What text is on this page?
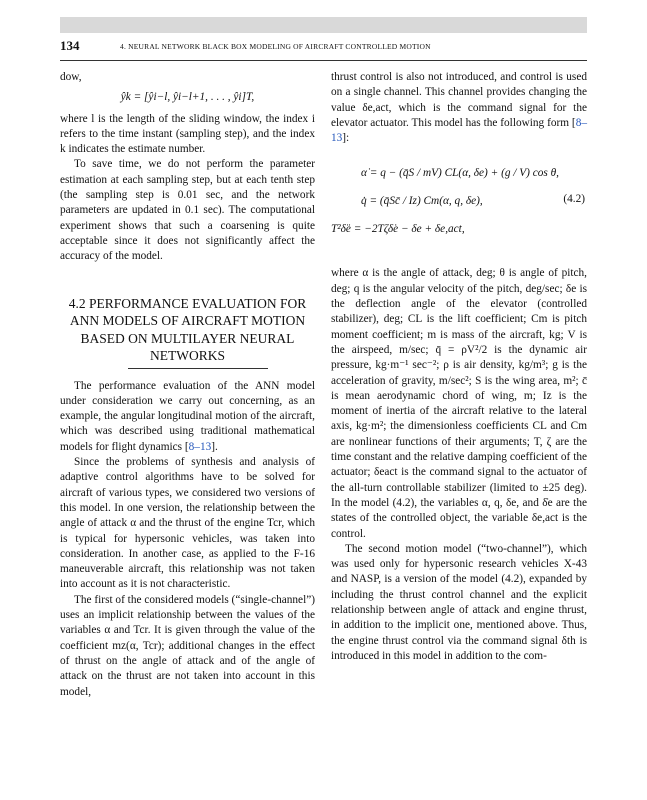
134	4. NEURAL NETWORK BLACK BOX MODELING OF AIRCRAFT CONTROLLED MOTION

dow,

ŷk = [ŷi−l, ŷi−l+1, . . . , ŷi]T,

where l is the length of the sliding window, the index i refers to the time instant (sampling step), and the index k indicates the estimate number.

To save time, we do not perform the parameter estimation at each sampling step, but at each tenth step (the sampling step is 0.01 sec, and the network parameters are updated in 0.1 sec). The computational experiment shows that such a coarsening is quite acceptable since it does not significantly affect the accuracy of the model.

4.2 PERFORMANCE EVALUATION FOR ANN MODELS OF AIRCRAFT MOTION BASED ON MULTILAYER NEURAL NETWORKS

The performance evaluation of the ANN model under consideration we carry out concerning, as an example, the angular longitudinal motion of the aircraft, which was described using traditional mathematical models for flight dynamics [8–13].

Since the problems of synthesis and analysis of adaptive control algorithms have to be solved for aircraft of various types, we considered two versions of this model. In one version, the relationship between the angle of attack α and the thrust of the engine Tcr, which is typical for hypersonic vehicles, was taken into consideration. In another case, as applied to the F-16 maneuverable aircraft, this relationship was not taken into account as it is not characteristic.

The first of the considered models (“single-channel”) uses an implicit relationship between the values of the variables α and Tcr. It is given through the value of the coefficient mz(α, Tcr); additional changes in the effect of thrust on the angle of attack and of the angle of attack on the thrust are not taken into account in this model,

thrust control is also not introduced, and control is used on a single channel. This channel provides changing the value δe,act, which is the command signal for the elevator actuator. This model has the following form [8–13]:

α̇ = q − (q̄S / mV) CL(α, δe) + (g / V) cos θ,
q̇ = (q̄Sc̄ / Iz) Cm(α, q, δe),
T²δ̈e = −2Tζδ̇e − δe + δe,act,
(4.2)

where α is the angle of attack, deg; θ is angle of pitch, deg; q is the angular velocity of the pitch, deg/sec; δe is the deflection angle of the elevator (controlled stabilizer), deg; CL is the lift coefficient; Cm is pitch moment coefficient; m is mass of the aircraft, kg; V is the airspeed, m/sec; q̄ = ρV²/2 is the dynamic air pressure, kg·m⁻¹ sec⁻²; ρ is air density, kg/m³; g is the acceleration of gravity, m/sec²; S is the wing area, m²; c̄ is mean aerodynamic chord of wing, m; Iz is the moment of inertia of the aircraft relative to the lateral axis, kg·m²; the dimensionless coefficients CL and Cm are nonlinear functions of their arguments; T, ζ are the time constant and the relative damping coefficient of the actuator; δeact is the command signal to the actuator of the all-turn controllable stabilizer (limited to ±25 deg). In the model (4.2), the variables α, q, δe, and δ̇e are the states of the controlled object, the variable δe,act is the control.

The second motion model (“two-channel”), which was used only for hypersonic research vehicles X-43 and NASP, is a version of the model (4.2), expanded by including the thrust control channel and the explicit relationship between angle of attack and engine thrust, in addition to the implicit one, mentioned above. Thus, the engine thrust control via the command signal δth is introduced in this model in addition to the com-
